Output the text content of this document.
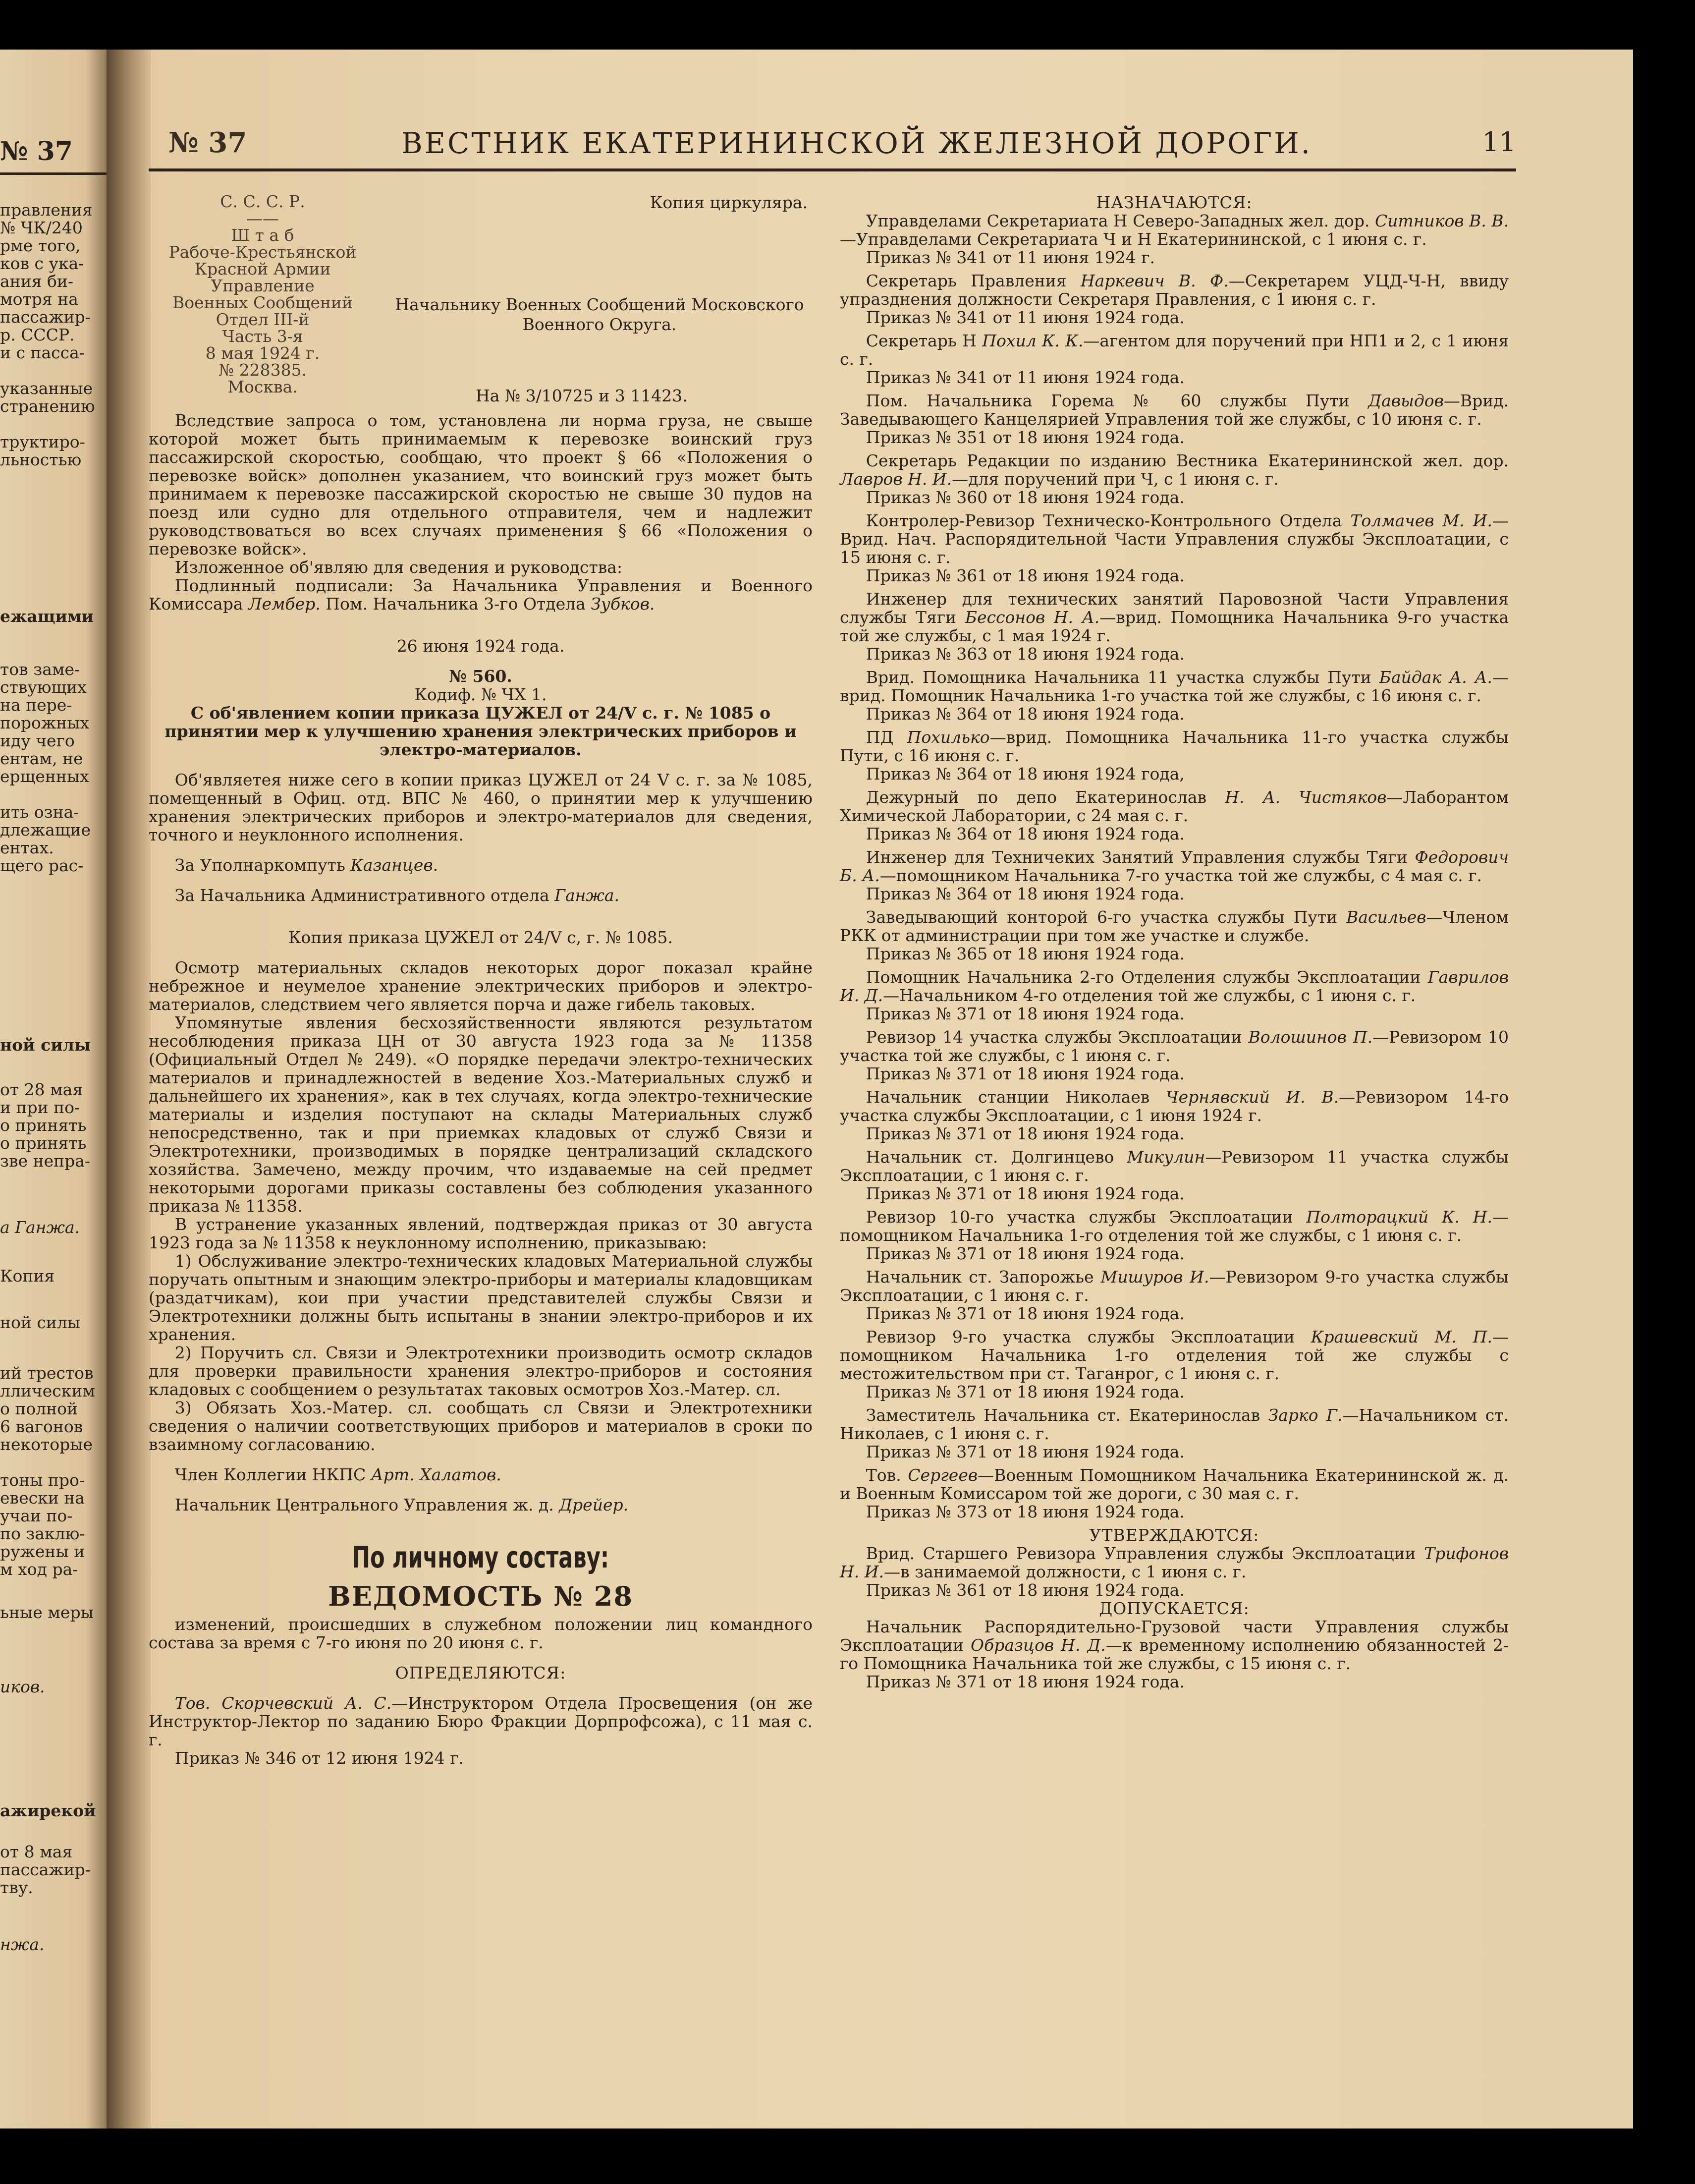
№ 37
правления
№ ЧК/240
рме того,
ков с ука-
ания би-
мотря на
пассажир-
р. СССР.
и с пасса-
указанные
странению
труктиро-
льностью
ежащими
тов заме-
ствующих
на пере-
порожных
иду чего
ентам, не
ерщенных
ить озна-
длежащие
ентах.
щего рас-
ной силы
от 28 мая
и при по-
о принять
о принять
зве непра-
а Ганжа.
Копия
ной силы
ий трестов
ллическим
о полной
6 вагонов
некоторые
тоны про-
евески на
учаи по-
по заклю-
ружены и
м ход ра-
ьные меры
иков.
ажирекой
от 8 мая
пассажир-
тву.
нжа.
№ 37	ВЕСТНИК ЕКАТЕРИНИНСКОЙ ЖЕЛЕЗНОЙ ДОРОГИ.	11
С. С. С. Р.
——
Ш т а б
Рабоче-Крестьянской
Красной Армии
Управление
Военных Сообщений
Отдел III-й
Часть 3-я
8 мая 1924 г.
№ 228385.
Москва.
Копия циркуляра.
Начальнику Военных Сообщений Московского Военного Округа.
На № 3/10725 и 3 11423.

Вследствие запроса о том, установлена ли норма груза, не свыше которой может быть принимаемым к перевозке воинский груз пассажирской скоростью, сообщаю, что проект § 66 «Положения о перевозке войск» дополнен указанием, что воинский груз может быть принимаем к перевозке пассажирской скоростью не свыше 30 пудов на поезд или судно для отдельного отправителя, чем и надлежит руководствоваться во всех случаях применения § 66 «Положения о перевозке войск».

Изложенное об'являю для сведения и руководства:

Подлинный подписали: За Начальника Управления и Военного Комиссара Лембер. Пом. Начальника 3-го Отдела Зубков.

26 июня 1924 года.

№ 560.

Кодиф. № ЧХ 1.

С об'явлением копии приказа ЦУЖЕЛ от 24/V с. г. № 1085 о принятии мер к улучшению хранения электрических приборов и электро-материалов.

Об'являетея ниже сего в копии приказ ЦУЖЕЛ от 24 V с. г. за № 1085, помещенный в Офиц. отд. ВПС № 460, о принятии мер к улучшению хранения электрических приборов и электро-материалов для сведения, точного и неуклонного исполнения.

За Уполнаркомпуть Казанцев.

За Начальника Административного отдела Ганжа.

Копия приказа ЦУЖЕЛ от 24/V с, г. № 1085.

Осмотр материальных складов некоторых дорог показал крайне небрежное и неумелое хранение электрических приборов и электро-материалов, следствием чего является порча и даже гибель таковых.

Упомянутые явления бесхозяйственности являются результатом несоблюдения приказа ЦН от 30 августа 1923 года за № 11358 (Официальный Отдел № 249). «О порядке передачи электро-технических материалов и принадлежностей в ведение Хоз.-Материальных служб и дальнейшего их хранения», как в тех случаях, когда электро-технические материалы и изделия поступают на склады Материальных служб непосредственно, так и при приемках кладовых от служб Связи и Электротехники, производимых в порядке централизаций складского хозяйства. Замечено, между прочим, что издаваемые на сей предмет некоторыми дорогами приказы составлены без соблюдения указанного приказа № 11358.

В устранение указанных явлений, подтверждая приказ от 30 августа 1923 года за № 11358 к неуклонному исполнению, приказываю:

1) Обслуживание электро-технических кладовых Материальной службы поручать опытным и знающим электро-приборы и материалы кладовщикам (раздатчикам), кои при участии представителей службы Связи и Электротехники должны быть испытаны в знании электро-приборов и их хранения.

2) Поручить сл. Связи и Электротехники производить осмотр складов для проверки правильности хранения электро-приборов и состояния кладовых с сообщением о результатах таковых осмотров Хоз.-Матер. сл.

3) Обязать Хоз.-Матер. сл. сообщать сл Связи и Электротехники сведения о наличии соответствующих приборов и материалов в сроки по взаимному согласованию.

Член Коллегии НКПС Арт. Халатов.

Начальник Центрального Управления ж. д. Дрейер.

По личному составу:

ВЕДОМОСТЬ № 28

изменений, происшедших в служебном положении лиц командного состава за время с 7-го июня по 20 июня с. г.

ОПРЕДЕЛЯЮТСЯ:

Тов. Скорчевский А. С.—Инструктором Отдела Просвещения (он же Инструктор-Лектор по заданию Бюро Фракции Дорпрофсожа), с 11 мая с. г.

Приказ № 346 от 12 июня 1924 г.

НАЗНАЧАЮТСЯ:

Управделами Секретариата Н Северо-Западных жел. дор. Ситников В. В.—Управделами Секретариата Ч и Н Екатерининской, с 1 июня с. г.

Приказ № 341 от 11 июня 1924 г.

Секретарь Правления Наркевич В. Ф.—Секретарем УЦД-Ч-Н, ввиду упразднения должности Секретаря Правления, с 1 июня с. г.

Приказ № 341 от 11 июня 1924 года.

Секретарь Н Похил К. К.—агентом для поручений при НП1 и 2, с 1 июня с. г.

Приказ № 341 от 11 июня 1924 года.

Пом. Начальника Горема № 60 службы Пути Давыдов—Врид. Заведывающего Канцелярией Управления той же службы, с 10 июня с. г.

Приказ № 351 от 18 июня 1924 года.

Секретарь Редакции по изданию Вестника Екатерининской жел. дор. Лавров Н. И.—для поручений при Ч, с 1 июня с. г.

Приказ № 360 от 18 июня 1924 года.

Контролер-Ревизор Техническо-Контрольного Отдела Толмачев М. И.—Врид. Нач. Распорядительной Части Управления службы Эксплоатации, с 15 июня с. г.

Приказ № 361 от 18 июня 1924 года.

Инженер для технических занятий Паровозной Части Управления службы Тяги Бессонов Н. А.—врид. Помощника Начальника 9-го участка той же службы, с 1 мая 1924 г.

Приказ № 363 от 18 июня 1924 года.

Врид. Помощника Начальника 11 участка службы Пути Байдак А. А.—врид. Помощник Начальника 1-го участка той же службы, с 16 июня с. г.

Приказ № 364 от 18 июня 1924 года.

ПД Похилько—врид. Помощника Начальника 11-го участка службы Пути, с 16 июня с. г.

Приказ № 364 от 18 июня 1924 года,

Дежурный по депо Екатеринослав Н. А. Чистяков—Лаборантом Химической Лаборатории, с 24 мая с. г.

Приказ № 364 от 18 июня 1924 года.

Инженер для Техничеких Занятий Управления службы Тяги Федорович Б. А.—помощником Начальника 7-го участка той же службы, с 4 мая с. г.

Приказ № 364 от 18 июня 1924 года.

Заведывающий конторой 6-го участка службы Пути Васильев—Членом РКК от администрации при том же участке и службе.

Приказ № 365 от 18 июня 1924 года.

Помощник Начальника 2-го Отделения службы Эксплоатации Гаврилов И. Д.—Начальником 4-го отделения той же службы, с 1 июня с. г.

Приказ № 371 от 18 июня 1924 года.

Ревизор 14 участка службы Эксплоатации Волошинов П.—Ревизором 10 участка той же службы, с 1 июня с. г.

Приказ № 371 от 18 июня 1924 года.

Начальник станции Николаев Чернявский И. В.—Ревизором 14-го участка службы Эксплоатации, с 1 июня 1924 г.

Приказ № 371 от 18 июня 1924 года.

Начальник ст. Долгинцево Микулин—Ревизором 11 участка службы Эксплоатации, с 1 июня с. г.

Приказ № 371 от 18 июня 1924 года.

Ревизор 10-го участка службы Эксплоатации Полторацкий К. Н.—помощником Начальника 1-го отделения той же службы, с 1 июня с. г.

Приказ № 371 от 18 июня 1924 года.

Начальник ст. Запорожье Мишуров И.—Ревизором 9-го участка службы Эксплоатации, с 1 июня с. г.

Приказ № 371 от 18 июня 1924 года.

Ревизор 9-го участка службы Эксплоатации Крашевский М. П.—помощником Начальника 1-го отделения той же службы с местожительством при ст. Таганрог, с 1 июня с. г.

Приказ № 371 от 18 июня 1924 года.

Заместитель Начальника ст. Екатеринослав Зарко Г.—Начальником ст. Николаев, с 1 июня с. г.

Приказ № 371 от 18 июня 1924 года.

Тов. Сергеев—Военным Помощником Начальника Екатерининской ж. д. и Военным Комиссаром той же дороги, с 30 мая с. г.

Приказ № 373 от 18 июня 1924 года.

УТВЕРЖДАЮТСЯ:

Врид. Старшего Ревизора Управления службы Эксплоатации Трифонов Н. И.—в занимаемой должности, с 1 июня с. г.

Приказ № 361 от 18 июня 1924 года.

ДОПУСКАЕТСЯ:

Начальник Распорядительно-Грузовой части Управления службы Эксплоатации Образцов Н. Д.—к временному исполнению обязанностей 2-го Помощника Начальника той же службы, с 15 июня с. г.

Приказ № 371 от 18 июня 1924 года.
